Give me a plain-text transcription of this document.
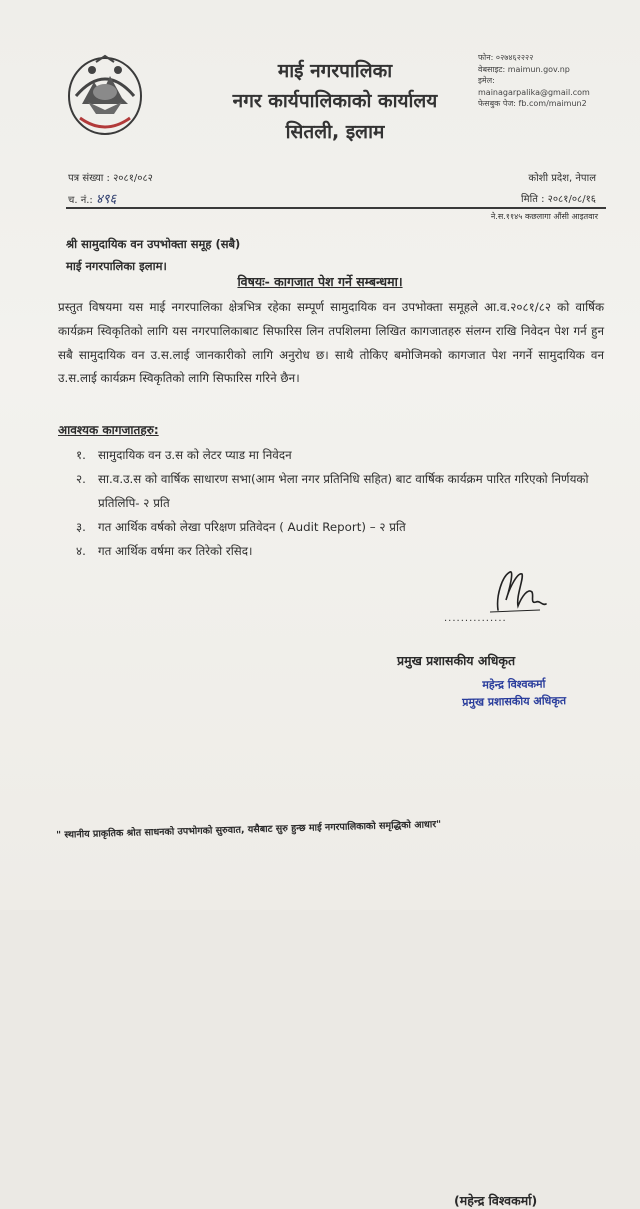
माई नगरपालिका
नगर कार्यपालिकाको कार्यालय
सितली, इलाम
फोन: ०२७४६२२२२
वेबसाइट: maimun.gov.np
इमेल:
mainagarpalika@gmail.com
फेसबुक पेज: fb.com/maimun2
पत्र संख्या : २०८१/०८२
च. नं.: ४९६
कोशी प्रदेश, नेपाल
मिति : २०८१/०८/१६
ने.स.११४५ कछलागा औंसी आइतवार
श्री सामुदायिक वन उपभोक्ता समूह (सबै)
माई नगरपालिका इलाम।
विषयः- कागजात पेश गर्ने सम्बन्धमा।
प्रस्तुत विषयमा यस माई नगरपालिका क्षेत्रभित्र रहेका सम्पूर्ण सामुदायिक वन उपभोक्ता समूहले आ.व.२०८१/८२ को वार्षिक कार्यक्रम स्विकृतिको लागि यस नगरपालिकाबाट सिफारिस लिन तपशिलमा लिखित कागजातहरु संलग्न राखि निवेदन पेश गर्न हुन सबै सामुदायिक वन उ.स.लाई जानकारीको लागि अनुरोध छ। साथै तोकिए बमोजिमको कागजात पेश नगर्ने सामुदायिक वन उ.स.लाई कार्यक्रम स्विकृतिको लागि सिफारिस गरिने छैन।
आवश्यक कागजातहरु:
१.	सामुदायिक वन उ.स को लेटर प्याड मा निवेदन
२.	सा.व.उ.स को वार्षिक साधारण सभा(आम भेला नगर प्रतिनिधि सहित) बाट वार्षिक कार्यक्रम पारित गरिएको निर्णयको प्रतिलिपि- २ प्रति
३.	गत आर्थिक वर्षको लेखा परिक्षण प्रतिवेदन ( Audit Report) – २ प्रति
४.	गत आर्थिक वर्षमा कर तिरेको रसिद।
...............
(महेन्द्र विश्वकर्मा)
प्रमुख प्रशासकीय अधिकृत
महेन्द्र विश्वकर्मा
प्रमुख प्रशासकीय अधिकृत
" स्थानीय प्राकृतिक श्रोत साधनको उपभोगको सुरुवात, यसैबाट सुरु हुन्छ माई नगरपालिकाको समृद्धिको आधार"
